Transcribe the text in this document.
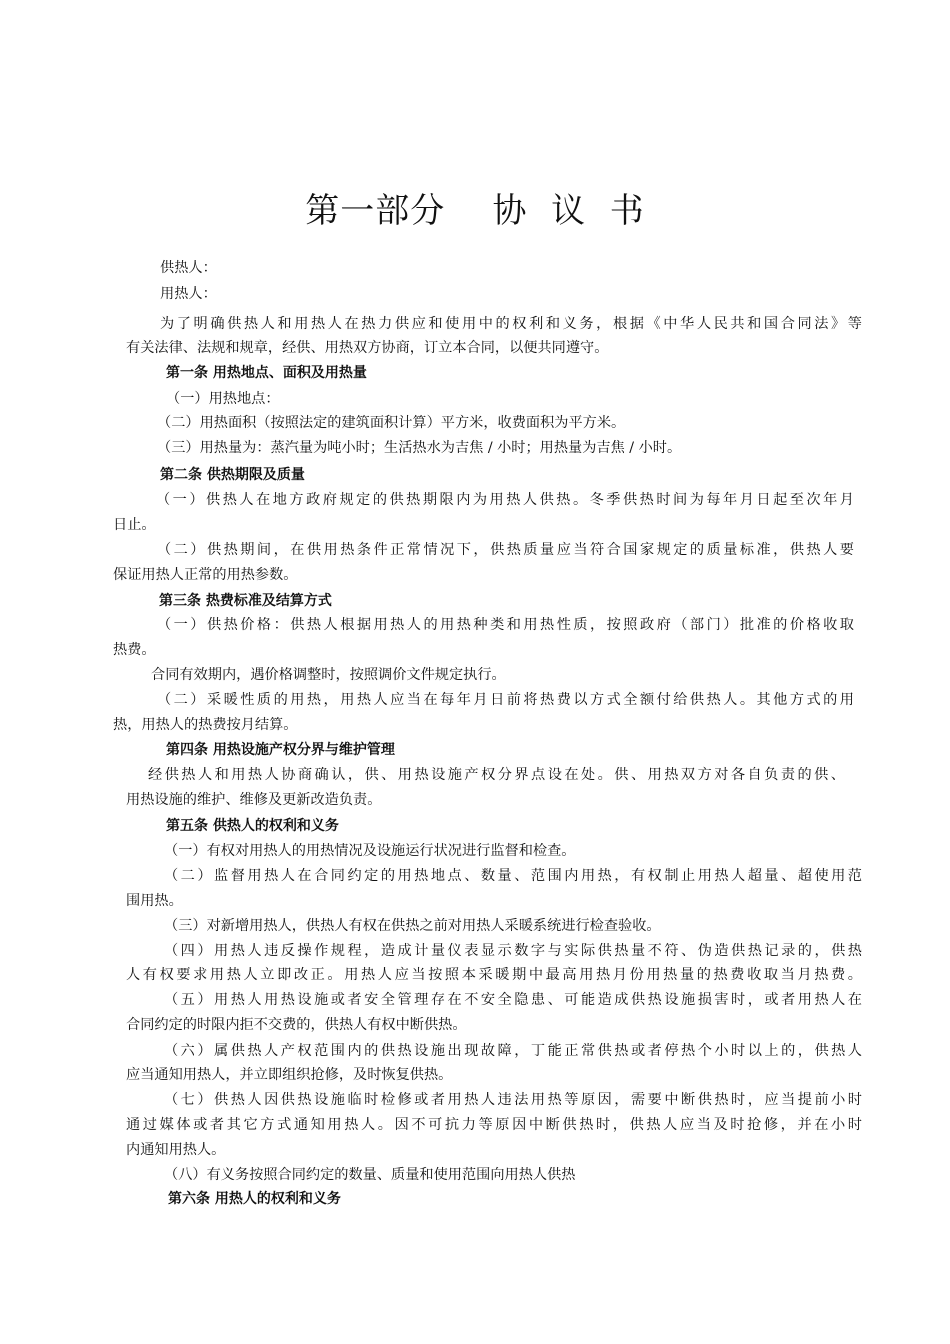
第一部分    协  议  书
供热人：
用热人：
为了明确供热人和用热人在热力供应和使用中的权利和义务，根据《中华人民共和国合同法》等
有关法律、法规和规章，经供、用热双方协商，订立本合同，以便共同遵守。
第一条 用热地点、面积及用热量
（一）用热地点：
（二）用热面积（按照法定的建筑面积计算）平方米，收费面积为平方米。
（三）用热量为：蒸汽量为吨小时；生活热水为吉焦 / 小时；用热量为吉焦 / 小时。
第二条 供热期限及质量
（一）供热人在地方政府规定的供热期限内为用热人供热。冬季供热时间为每年月日起至次年月
日止。
（二）供热期间，在供用热条件正常情况下，供热质量应当符合国家规定的质量标准，供热人要
保证用热人正常的用热参数。
第三条 热费标准及结算方式
（一）供热价格：供热人根据用热人的用热种类和用热性质，按照政府（部门）批准的价格收取
热费。
合同有效期内，遇价格调整时，按照调价文件规定执行。
（二）采暖性质的用热，用热人应当在每年月日前将热费以方式全额付给供热人。其他方式的用
热，用热人的热费按月结算。
第四条 用热设施产权分界与维护管理
经供热人和用热人协商确认，供、用热设施产权分界点设在处。供、用热双方对各自负责的供、
用热设施的维护、维修及更新改造负责。
第五条 供热人的权利和义务
（一）有权对用热人的用热情况及设施运行状况进行监督和检查。
（二）监督用热人在合同约定的用热地点、数量、范围内用热，有权制止用热人超量、超使用范
围用热。
（三）对新增用热人，供热人有权在供热之前对用热人采暖系统进行检查验收。
（四）用热人违反操作规程，造成计量仪表显示数字与实际供热量不符、伪造供热记录的，供热
人有权要求用热人立即改正。用热人应当按照本采暖期中最高用热月份用热量的热费收取当月热费。
（五）用热人用热设施或者安全管理存在不安全隐患、可能造成供热设施损害时，或者用热人在
合同约定的时限内拒不交费的，供热人有权中断供热。
（六）属供热人产权范围内的供热设施出现故障，丁能正常供热或者停热个小时以上的，供热人
应当通知用热人，并立即组织抢修，及时恢复供热。
（七）供热人因供热设施临时检修或者用热人违法用热等原因，需要中断供热时，应当提前小时
通过媒体或者其它方式通知用热人。因不可抗力等原因中断供热时，供热人应当及时抢修，并在小时
内通知用热人。
（八）有义务按照合同约定的数量、质量和使用范围向用热人供热
第六条 用热人的权利和义务
